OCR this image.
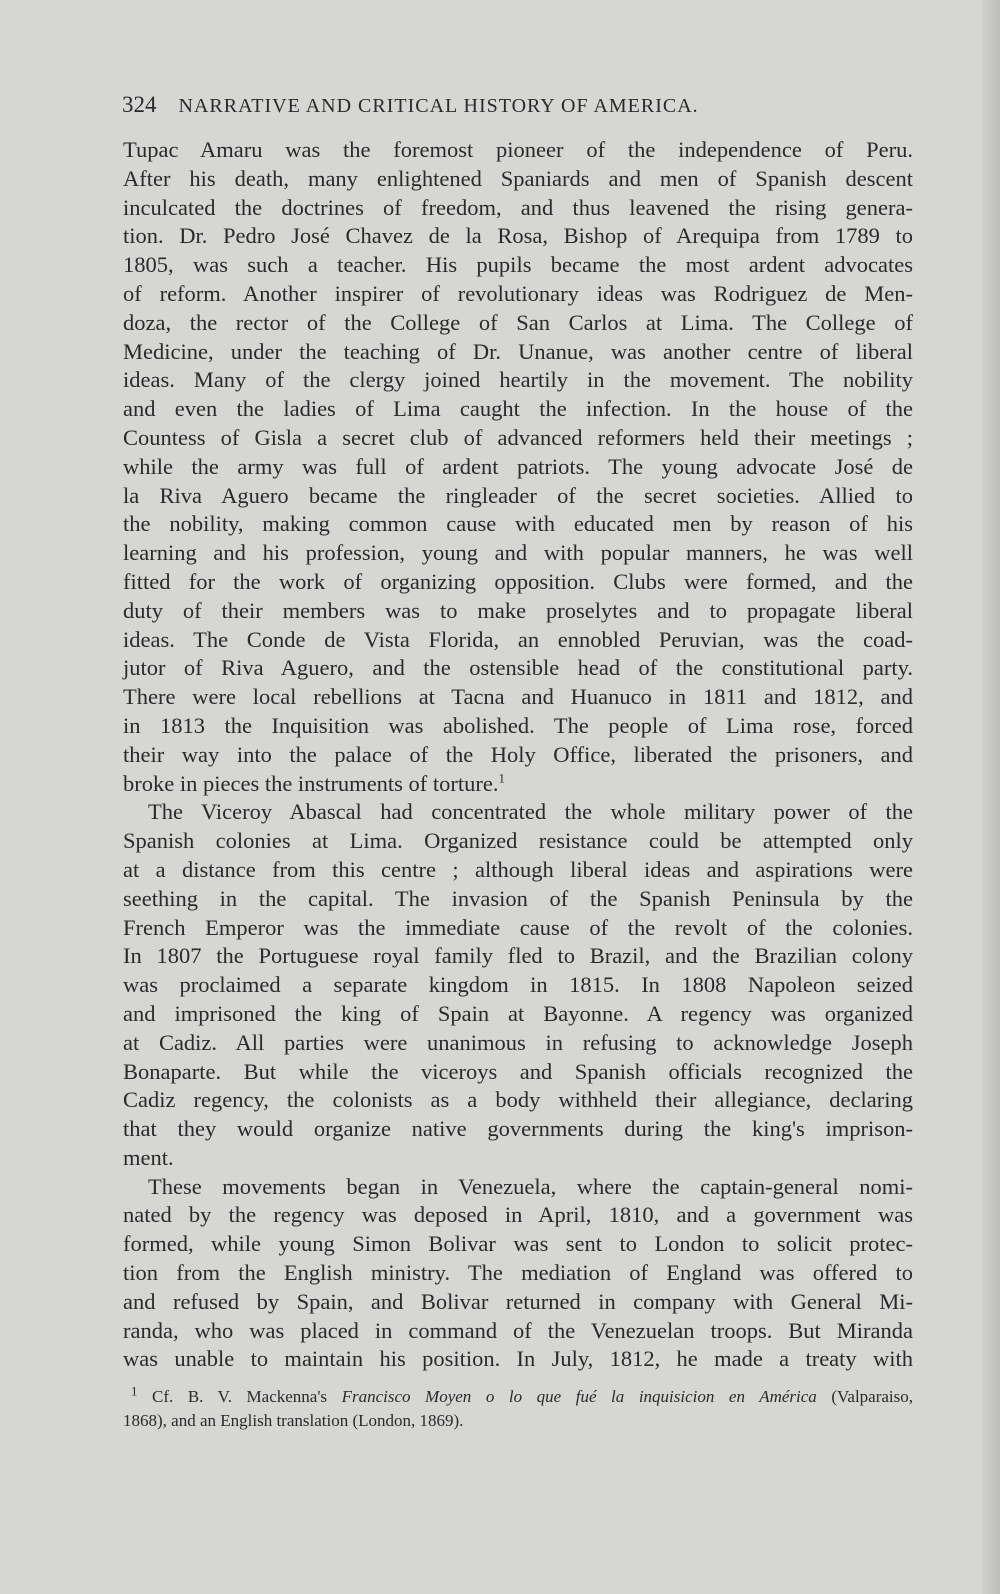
324 NARRATIVE AND CRITICAL HISTORY OF AMERICA.
Tupac Amaru was the foremost pioneer of the independence of Peru.
After his death, many enlightened Spaniards and men of Spanish descent
inculcated the doctrines of freedom, and thus leavened the rising genera-
tion. Dr. Pedro José Chavez de la Rosa, Bishop of Arequipa from 1789 to
1805, was such a teacher. His pupils became the most ardent advocates
of reform. Another inspirer of revolutionary ideas was Rodriguez de Men-
doza, the rector of the College of San Carlos at Lima. The College of
Medicine, under the teaching of Dr. Unanue, was another centre of liberal
ideas. Many of the clergy joined heartily in the movement. The nobility
and even the ladies of Lima caught the infection. In the house of the
Countess of Gisla a secret club of advanced reformers held their meetings ;
while the army was full of ardent patriots. The young advocate José de
la Riva Aguero became the ringleader of the secret societies. Allied to
the nobility, making common cause with educated men by reason of his
learning and his profession, young and with popular manners, he was well
fitted for the work of organizing opposition. Clubs were formed, and the
duty of their members was to make proselytes and to propagate liberal
ideas. The Conde de Vista Florida, an ennobled Peruvian, was the coad-
jutor of Riva Aguero, and the ostensible head of the constitutional party.
There were local rebellions at Tacna and Huanuco in 1811 and 1812, and
in 1813 the Inquisition was abolished. The people of Lima rose, forced
their way into the palace of the Holy Office, liberated the prisoners, and
broke in pieces the instruments of torture.$^1$
The Viceroy Abascal had concentrated the whole military power of the
Spanish colonies at Lima. Organized resistance could be attempted only
at a distance from this centre ; although liberal ideas and aspirations were
seething in the capital. The invasion of the Spanish Peninsula by the
French Emperor was the immediate cause of the revolt of the colonies.
In 1807 the Portuguese royal family fled to Brazil, and the Brazilian colony
was proclaimed a separate kingdom in 1815. In 1808 Napoleon seized
and imprisoned the king of Spain at Bayonne. A regency was organized
at Cadiz. All parties were unanimous in refusing to acknowledge Joseph
Bonaparte. But while the viceroys and Spanish officials recognized the
Cadiz regency, the colonists as a body withheld their allegiance, declaring
that they would organize native governments during the king's imprison-
ment.
These movements began in Venezuela, where the captain-general nomi-
nated by the regency was deposed in April, 1810, and a government was
formed, while young Simon Bolivar was sent to London to solicit protec-
tion from the English ministry. The mediation of England was offered to
and refused by Spain, and Bolivar returned in company with General Mi-
randa, who was placed in command of the Venezuelan troops. But Miranda
was unable to maintain his position. In July, 1812, he made a treaty with
$^1$ Cf. B. V. Mackenna's Francisco Moyen o lo que fué la inquisicion en América (Valparaiso,
1868), and an English translation (London, 1869).
